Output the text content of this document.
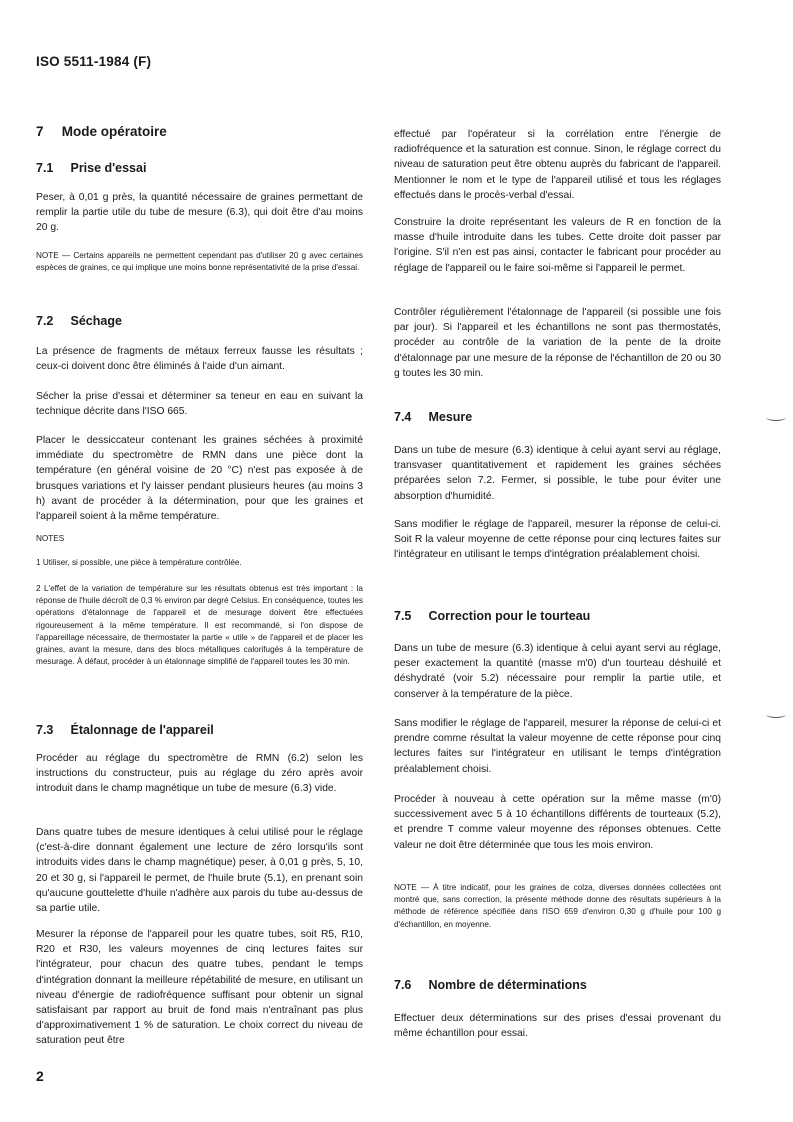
ISO 5511-1984 (F)
7 Mode opératoire
7.1 Prise d'essai

Peser, à 0,01 g près, la quantité nécessaire de graines permettant de remplir la partie utile du tube de mesure (6.3), qui doit être d'au moins 20 g.

NOTE — Certains appareils ne permettent cependant pas d'utiliser 20 g avec certaines espèces de graines, ce qui implique une moins bonne représentativité de la prise d'essai.

7.2 Séchage

La présence de fragments de métaux ferreux fausse les résultats ; ceux-ci doivent donc être éliminés à l'aide d'un aimant.

Sécher la prise d'essai et déterminer sa teneur en eau en suivant la technique décrite dans l'ISO 665.

Placer le dessiccateur contenant les graines séchées à proximité immédiate du spectromètre de RMN dans une pièce dont la température (en général voisine de 20 °C) n'est pas exposée à de brusques variations et l'y laisser pendant plusieurs heures (au moins 3 h) avant de procéder à la détermination, pour que les graines et l'appareil soient à la même température.

NOTES

1 Utiliser, si possible, une pièce à température contrôlée.

2 L'effet de la variation de température sur les résultats obtenus est très important : la réponse de l'huile décroît de 0,3 % environ par degré Celsius. En conséquence, toutes les opérations d'étalonnage de l'appareil et de mesurage doivent être effectuées rigoureusement à la même température. Il est recommandé, si l'on dispose de l'appareillage nécessaire, de thermostater la partie « utile » de l'appareil et de placer les graines, avant la mesure, dans des blocs métalliques calorifugés à la température de mesurage. À défaut, procéder à un étalonnage simplifié de l'appareil toutes les 30 min.

7.3 Étalonnage de l'appareil

Procéder au réglage du spectromètre de RMN (6.2) selon les instructions du constructeur, puis au réglage du zéro après avoir introduit dans le champ magnétique un tube de mesure (6.3) vide.

Dans quatre tubes de mesure identiques à celui utilisé pour le réglage (c'est-à-dire donnant également une lecture de zéro lorsqu'ils sont introduits vides dans le champ magnétique) peser, à 0,01 g près, 5, 10, 20 et 30 g, si l'appareil le permet, de l'huile brute (5.1), en prenant soin qu'aucune gouttelette d'huile n'adhère aux parois du tube au-dessus de sa partie utile.

Mesurer la réponse de l'appareil pour les quatre tubes, soit R5, R10, R20 et R30, les valeurs moyennes de cinq lectures faites sur l'intégrateur, pour chacun des quatre tubes, pendant le temps d'intégration donnant la meilleure répétabilité de mesure, en utilisant un niveau d'énergie de radiofréquence suffisant pour obtenir un signal satisfaisant par rapport au bruit de fond mais n'entraînant pas plus d'approximativement 1 % de saturation. Le choix correct du niveau de saturation peut être

effectué par l'opérateur si la corrélation entre l'énergie de radiofréquence et la saturation est connue. Sinon, le réglage correct du niveau de saturation peut être obtenu auprès du fabricant de l'appareil. Mentionner le nom et le type de l'appareil utilisé et tous les réglages effectués dans le procès-verbal d'essai.

Construire la droite représentant les valeurs de R en fonction de la masse d'huile introduite dans les tubes. Cette droite doit passer par l'origine. S'il n'en est pas ainsi, contacter le fabricant pour procéder au réglage de l'appareil ou le faire soi-même si l'appareil le permet.

Contrôler régulièrement l'étalonnage de l'appareil (si possible une fois par jour). Si l'appareil et les échantillons ne sont pas thermostatés, procéder au contrôle de la variation de la pente de la droite d'étalonnage par une mesure de la réponse de l'échantillon de 20 ou 30 g toutes les 30 min.

7.4 Mesure

Dans un tube de mesure (6.3) identique à celui ayant servi au réglage, transvaser quantitativement et rapidement les graines séchées préparées selon 7.2. Fermer, si possible, le tube pour éviter une absorption d'humidité.

Sans modifier le réglage de l'appareil, mesurer la réponse de celui-ci. Soit R la valeur moyenne de cette réponse pour cinq lectures faites sur l'intégrateur en utilisant le temps d'intégration préalablement choisi.

7.5 Correction pour le tourteau

Dans un tube de mesure (6.3) identique à celui ayant servi au réglage, peser exactement la quantité (masse m'0) d'un tourteau déshuilé et déshydraté (voir 5.2) nécessaire pour remplir la partie utile, et conserver à la température de la pièce.

Sans modifier le réglage de l'appareil, mesurer la réponse de celui-ci et prendre comme résultat la valeur moyenne de cette réponse pour cinq lectures faites sur l'intégrateur en utilisant le temps d'intégration préalablement choisi.

Procéder à nouveau à cette opération sur la même masse (m'0) successivement avec 5 à 10 échantillons différents de tourteaux (5.2), et prendre T comme valeur moyenne des réponses obtenues. Cette valeur ne doit être déterminée que tous les mois environ.

NOTE — À titre indicatif, pour les graines de colza, diverses données collectées ont montré que, sans correction, la présente méthode donne des résultats supérieurs à la méthode de référence spécifiée dans l'ISO 659 d'environ 0,30 g d'huile pour 100 g d'échantillon, en moyenne.

7.6 Nombre de déterminations

Effectuer deux déterminations sur des prises d'essai provenant du même échantillon pour essai.

2
